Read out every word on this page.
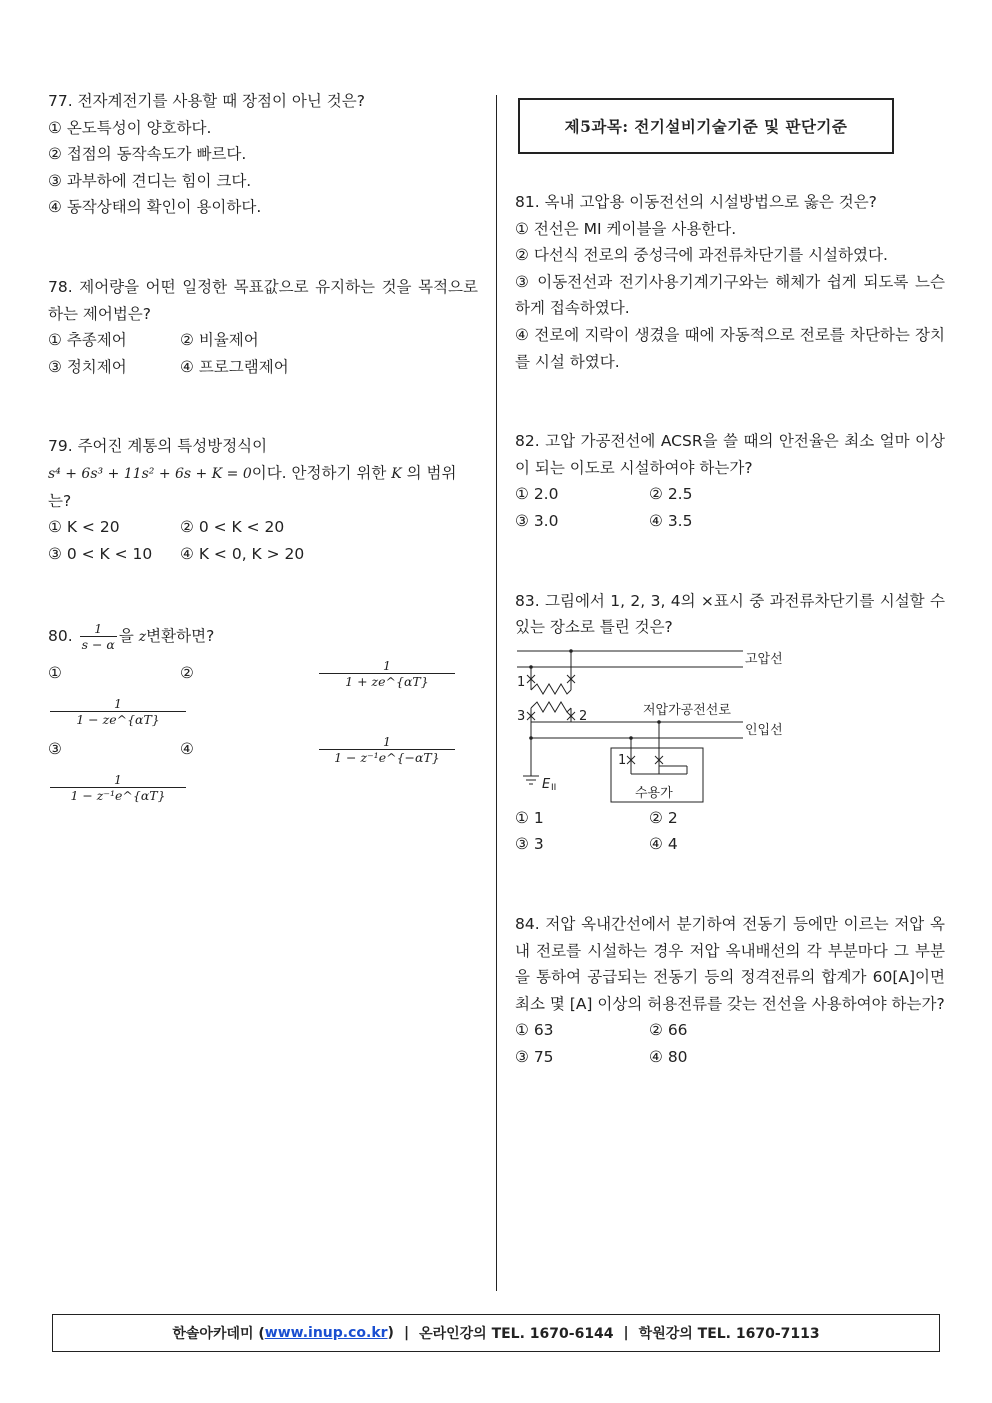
77. 전자계전기를 사용할 때 장점이 아닌 것은?
① 온도특성이 양호하다.
② 접점의 동작속도가 빠르다.
③ 과부하에 견디는 힘이 크다.
④ 동작상태의 확인이 용이하다.
78. 제어량을 어떤 일정한 목표값으로 유지하는 것을 목적으로 하는 제어법은?
① 추종제어	② 비율제어
③ 정치제어	④ 프로그램제어
79. 주어진 계통의 특성방정식이
s⁴ + 6s³ + 11s² + 6s + K = 0이다. 안정하기 위한 K 의 범위는?
① K < 20	② 0 < K < 20
③ 0 < K < 10	④ K < 0, K > 20
80. $\frac{1}{s - \alpha}$ 을 z변환하면?
①
$\frac{1}{1 - ze\^{}\{\alpha T\}}$
②	$\frac{1}{1 + ze\^{}\{\alpha T\}}$
③
$\frac{1}{\text{1 − z⁻¹e\textasciicircum{}\{αT\}}}$
④	$\frac{1}{\text{1 − z⁻¹e\textasciicircum{}\{−αT\}}}$
제5과목: 전기설비기술기준 및 판단기준
81. 옥내 고압용 이동전선의 시설방법으로 옳은 것은?
① 전선은 MI 케이블을 사용한다.
② 다선식 전로의 중성극에 과전류차단기를 시설하였다.
③ 이동전선과 전기사용기계기구와는 해체가 쉽게 되도록 느슨하게 접속하였다.
④ 전로에 지락이 생겼을 때에 자동적으로 전로를 차단하는 장치를 시설 하였다.
82. 고압 가공전선에 ACSR을 쓸 때의 안전율은 최소 얼마 이상이 되는 이도로 시설하여야 하는가?
① 2.0	② 2.5
③ 3.0	④ 3.5
83. 그림에서 1, 2, 3, 4의 ×표시 중 과전류차단기를 시설할 수 있는 장소로 틀린 것은?
① 1	② 2
③ 3	④ 4
84. 저압 옥내간선에서 분기하여 전동기 등에만 이르는 저압 옥내 전로를 시설하는 경우 저압 옥내배선의 각 부분마다 그 부분을 통하여 공급되는 전동기 등의 정격전류의 합계가 60[A]이면 최소 몇 [A] 이상의 허용전류를 갖는 전선을 사용하여야 하는가?
① 63	② 66
③ 75	④ 80
고압선
저압가공전선로
인입선
수용가
1
2
3
1
E II
한솔아카데미 ( www.inup.co.kr ) | 온라인강의 TEL. 1670-6144 | 학원강의 TEL. 1670-7113
